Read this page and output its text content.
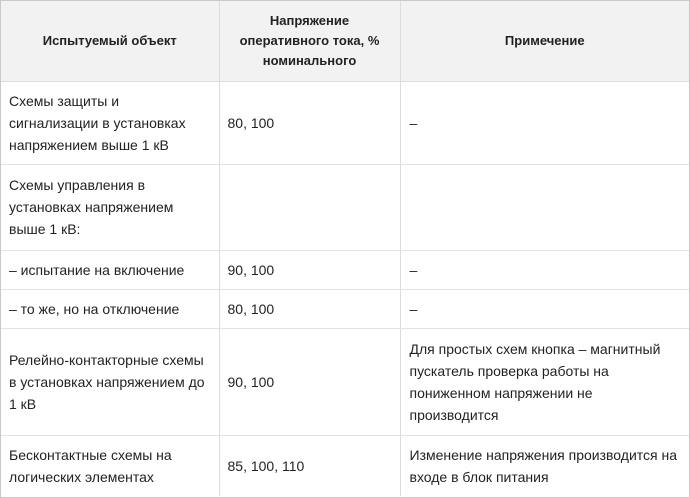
Испытуемый объект	Напряжение оперативного тока, % номинального	Примечение
Схемы защиты и сигнализации в установках напряжением выше 1 кВ	80, 100	–
Схемы управления в установках напряжением выше 1 кВ:		
– испытание на включение	90, 100	–
– то же, но на отключение	80, 100	–
Релейно-контакторные схемы в установках напряжением до 1 кВ	90, 100	Для простых схем кнопка – магнитный пускатель проверка работы на пониженном напряжении не производится
Бесконтактные схемы на логических элементах	85, 100, 110	Изменение напряжения производится на входе в блок питания
